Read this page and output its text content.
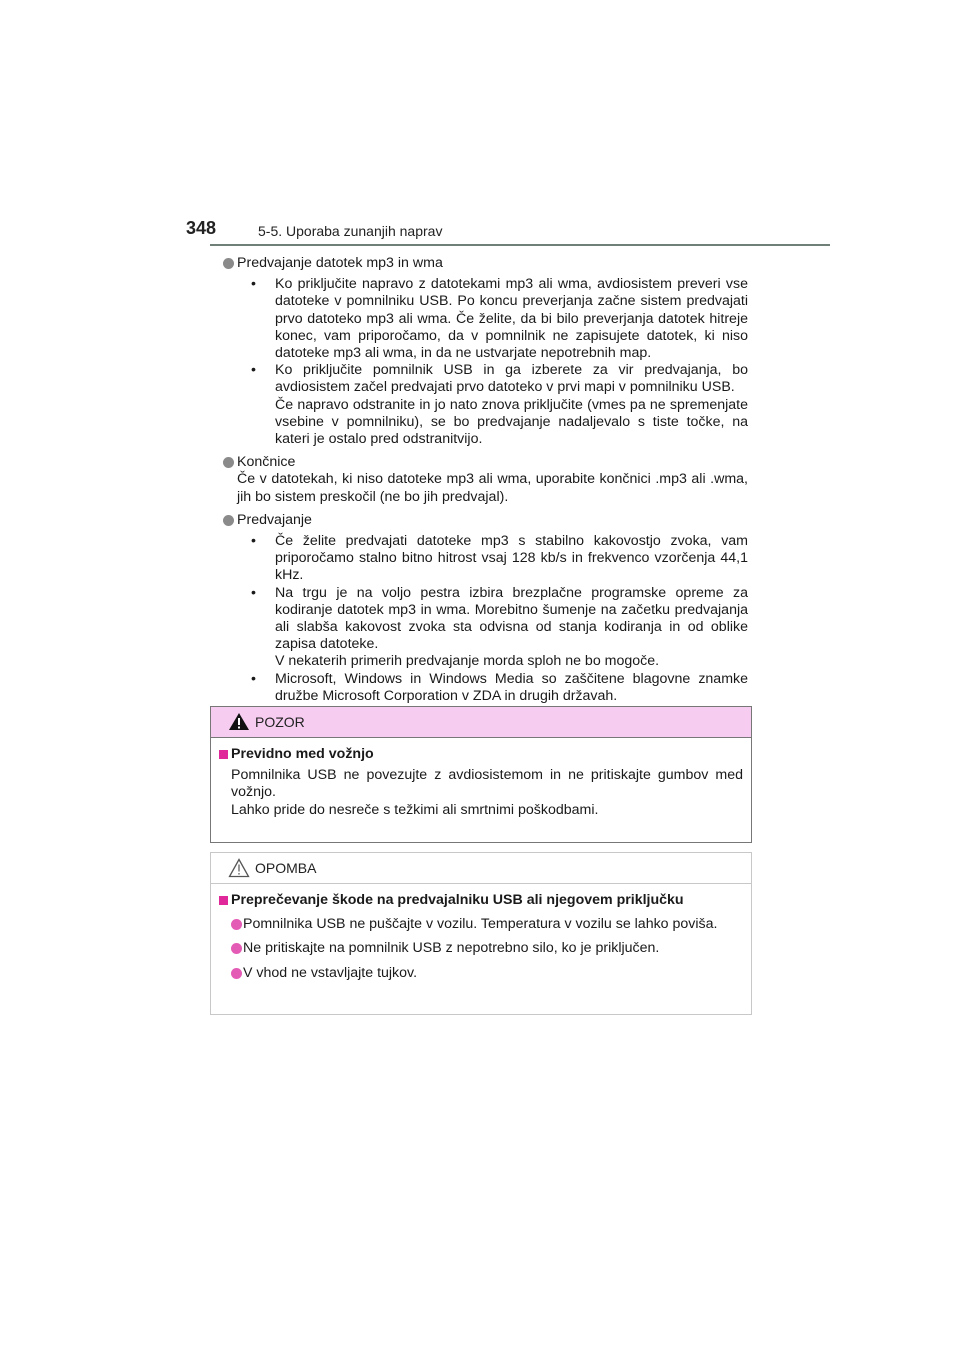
348	5-5. Uporaba zunanjih naprav
Predvajanje datotek mp3 in wma
• Ko priključite napravo z datotekami mp3 ali wma, avdiosistem preveri vse datoteke v pomnilniku USB. Po koncu preverjanja začne sistem predvajati prvo datoteko mp3 ali wma. Če želite, da bi bilo preverjanja datotek hitreje konec, vam priporočamo, da v pomnilnik ne zapisujete datotek, ki niso datoteke mp3 ali wma, in da ne ustvarjate nepotrebnih map.

• Ko priključite pomnilnik USB in ga izberete za vir predvajanja, bo avdiosistem začel predvajati prvo datoteko v prvi mapi v pomnilniku USB.

Če napravo odstranite in jo nato znova priključite (vmes pa ne spremenjate vsebine v pomnilniku), se bo predvajanje nadaljevalo s tiste točke, na kateri je ostalo pred odstranitvijo.

Končnice
Če v datotekah, ki niso datoteke mp3 ali wma, uporabite končnici .mp3 ali .wma, jih bo sistem preskočil (ne bo jih predvajal).
Predvajanje
• Če želite predvajati datoteke mp3 s stabilno kakovostjo zvoka, vam priporočamo stalno bitno hitrost vsaj 128 kb/s in frekvenco vzorčenja 44,1 kHz.

• Na trgu je na voljo pestra izbira brezplačne programske opreme za kodiranje datotek mp3 in wma. Morebitno šumenje na začetku predvajanja ali slabša kakovost zvoka sta odvisna od stanja kodiranja in od oblike zapisa datoteke.

V nekaterih primerih predvajanje morda sploh ne bo mogoče.

• Microsoft, Windows in Windows Media so zaščitene blagovne znamke družbe Microsoft Corporation v ZDA in drugih državah.

POZOR
Previdno med vožnjo

Pomnilnika USB ne povezujte z avdiosistemom in ne pritiskajte gumbov med vožnjo.

Lahko pride do nesreče s težkimi ali smrtnimi poškodbami.

OPOMBA
Preprečevanje škode na predvajalniku USB ali njegovem priključku
Pomnilnika USB ne puščajte v vozilu. Temperatura v vozilu se lahko poviša.
Ne pritiskajte na pomnilnik USB z nepotrebno silo, ko je priključen.
V vhod ne vstavljajte tujkov.
